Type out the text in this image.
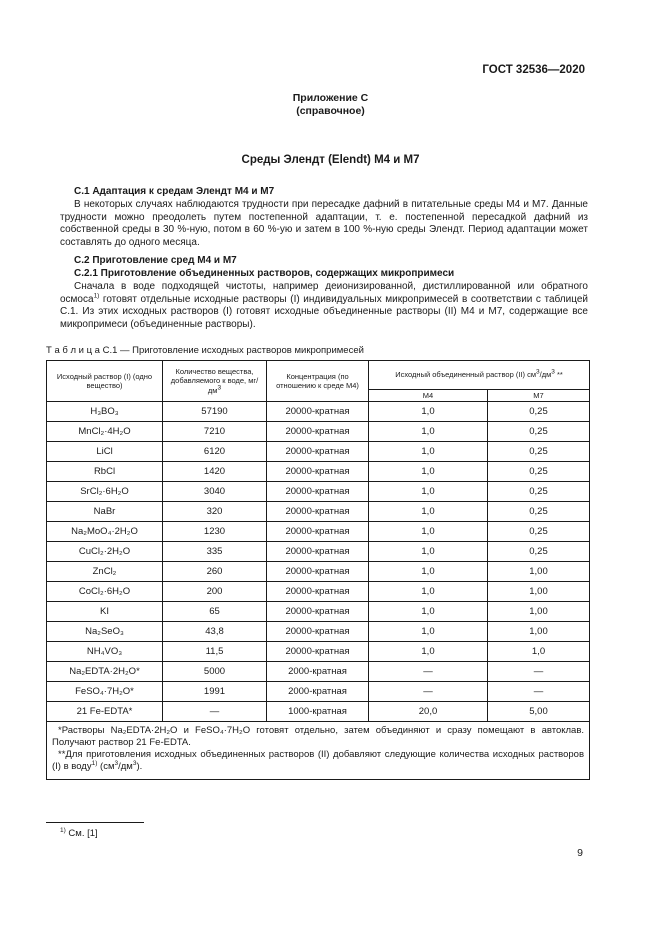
ГОСТ 32536—2020
Приложение С
(справочное)
Среды Элендт (Elendt) М4 и М7
С.1 Адаптация к средам Элендт М4 и М7
В некоторых случаях наблюдаются трудности при пересадке дафний в питательные среды М4 и М7. Данные трудности можно преодолеть путем постепенной адаптации, т. е. постепенной пересадкой дафний из собственной среды в 30 %-ную, потом в 60 %-ую и затем в 100 %-ную среды Элендт. Период адаптации может составлять до одного месяца.
С.2 Приготовление сред М4 и М7
С.2.1 Приготовление объединенных растворов, содержащих микропримеси
Сначала в воде подходящей чистоты, например деионизированной, дистиллированной или обратного осмоса$^{1)}$ готовят отдельные исходные растворы (I) индивидуальных микропримесей в соответствии с таблицей С.1. Из этих исходных растворов (I) готовят исходные объединенные растворы (II) М4 и М7, содержащие все микропримеси (объединенные растворы).
Т а б л и ц а С.1 — Приготовление исходных растворов микропримесей
Исходный раствор (I) (одно вещество)	Количество вещества, добавляемого к воде, $мг/дм^3$	Концентрация (по отношению к среде М4)	Исходный объединенный раствор (II) $см^3/дм^3$ **	
			М4	М7
H₃BO₃	57190	20000-кратная	1,0	0,25
MnCl₂·4H₂O	7210	20000-кратная	1,0	0,25
LiCl	6120	20000-кратная	1,0	0,25
RbCl	1420	20000-кратная	1,0	0,25
SrCl₂·6H₂O	3040	20000-кратная	1,0	0,25
NaBr	320	20000-кратная	1,0	0,25
Na₂MoO₄·2H₂O	1230	20000-кратная	1,0	0,25
CuCl₂·2H₂O	335	20000-кратная	1,0	0,25
ZnCl₂	260	20000-кратная	1,0	1,00
CoCl₂·6H₂O	200	20000-кратная	1,0	1,00
KI	65	20000-кратная	1,0	1,00
Na₂SeO₃	43,8	20000-кратная	1,0	1,00
NH₄VO₃	11,5	20000-кратная	1,0	1,0
Na₂EDTA·2H₂O*	5000	2000-кратная	—	—
FeSO₄·7H₂O*	1991	2000-кратная	—	—
21 Fe-EDTA*	—	1000-кратная	20,0	5,00

*Растворы Na₂EDTA·2H₂O и FeSO₄·7H₂O готовят отдельно, затем объединяют и сразу помещают в автоклав. Получают раствор 21 Fe-EDTA.
**Для приготовления исходных объединенных растворов (II) добавляют следующие количества исходных растворов (I) в воду$^{1)}$ $(см^3/дм^3)$.				
$^{1)}$ См. [1]
9
